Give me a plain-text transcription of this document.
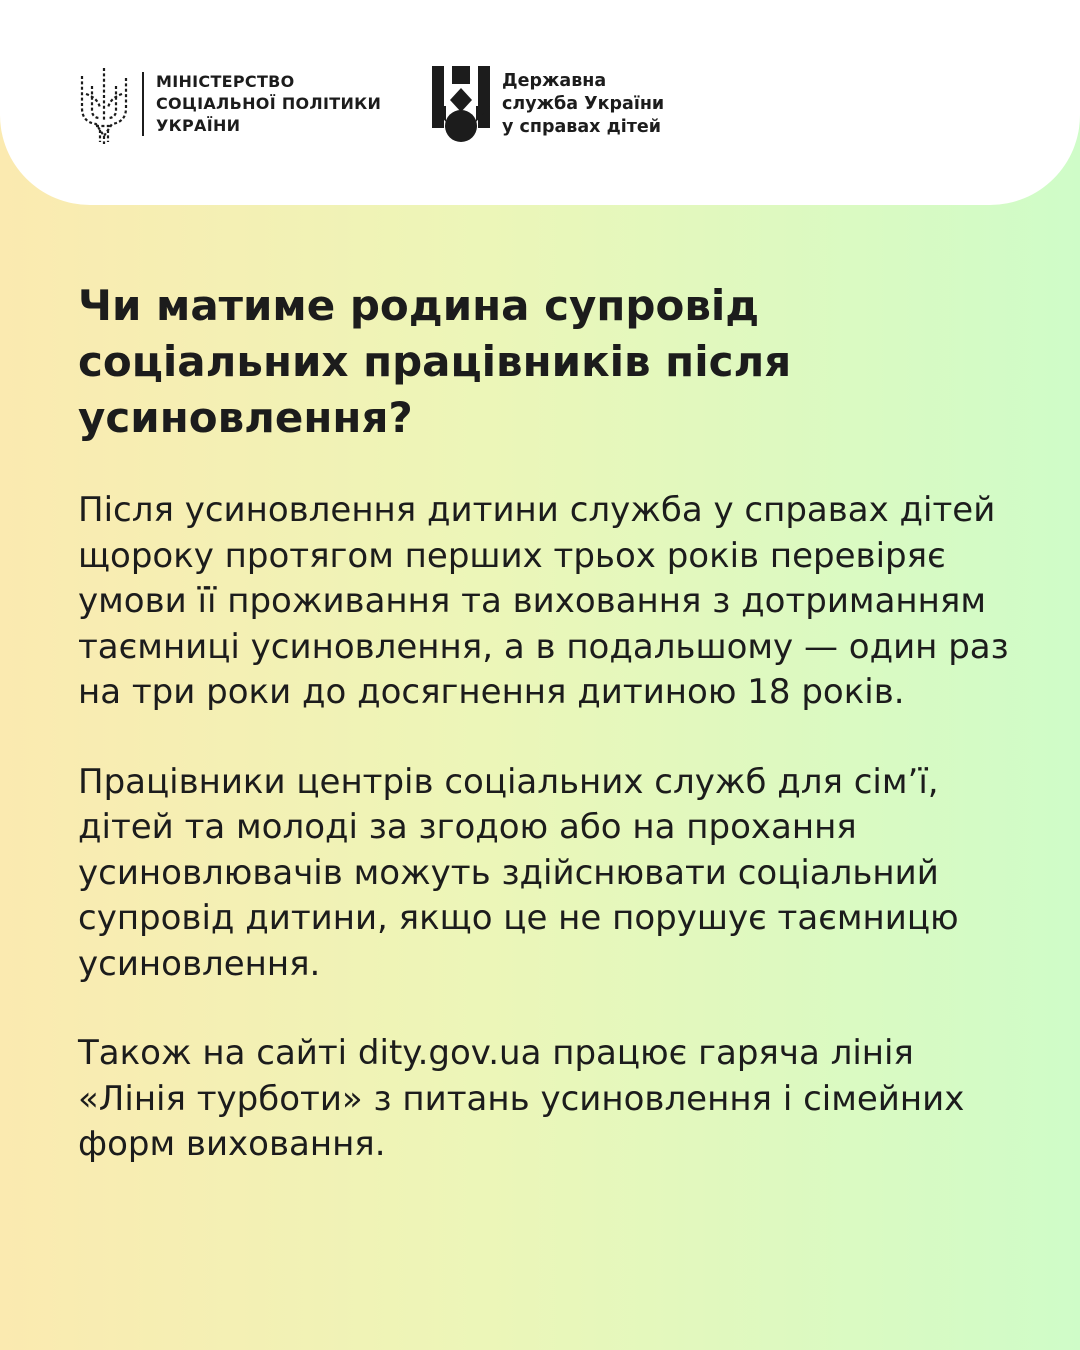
МІНІСТЕРСТВО
СОЦІАЛЬНОЇ ПОЛІТИКИ
УКРАЇНИ
Державна
служба України
у справах дітей
Чи матиме родина супровід соціальних працівників після усиновлення?

Після усиновлення дитини служба у справах дітей щороку протягом перших трьох років перевіряє умови її проживання та виховання з дотриманням таємниці усиновлення, а в подальшому — один раз на три роки до досягнення дитиною 18 років.

Працівники центрів соціальних служб для сім’ї, дітей та молоді за згодою або на прохання усиновлювачів можуть здійснювати соціальний супровід дитини, якщо це не порушує таємницю усиновлення.

Також на сайті dity.gov.ua працює гаряча лінія «Лінія турботи» з питань усиновлення і сімейних форм виховання.
